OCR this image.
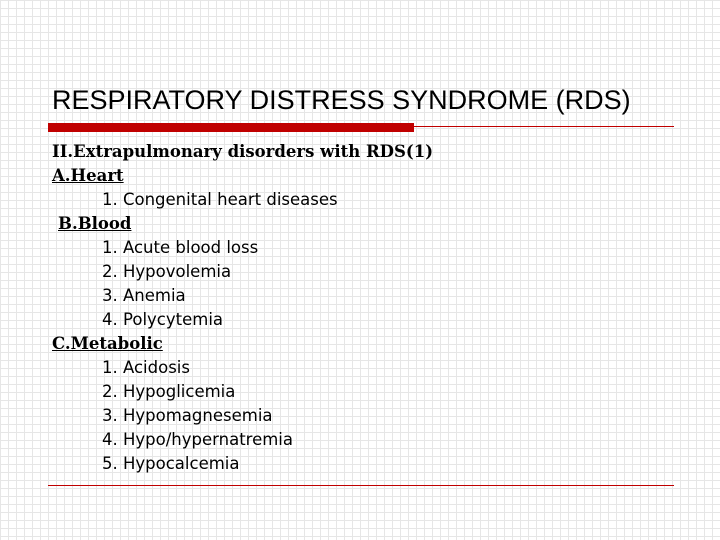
RESPIRATORY DISTRESS SYNDROME (RDS)
II.Extrapulmonary disorders with RDS(1)
A.Heart
1. Congenital heart diseases
B.Blood
1. Acute blood loss
2. Hypovolemia
3. Anemia
4. Polycytemia
C.Metabolic
1. Acidosis
2. Hypoglicemia
3. Hypomagnesemia
4. Hypo/hypernatremia
5. Hypocalcemia
